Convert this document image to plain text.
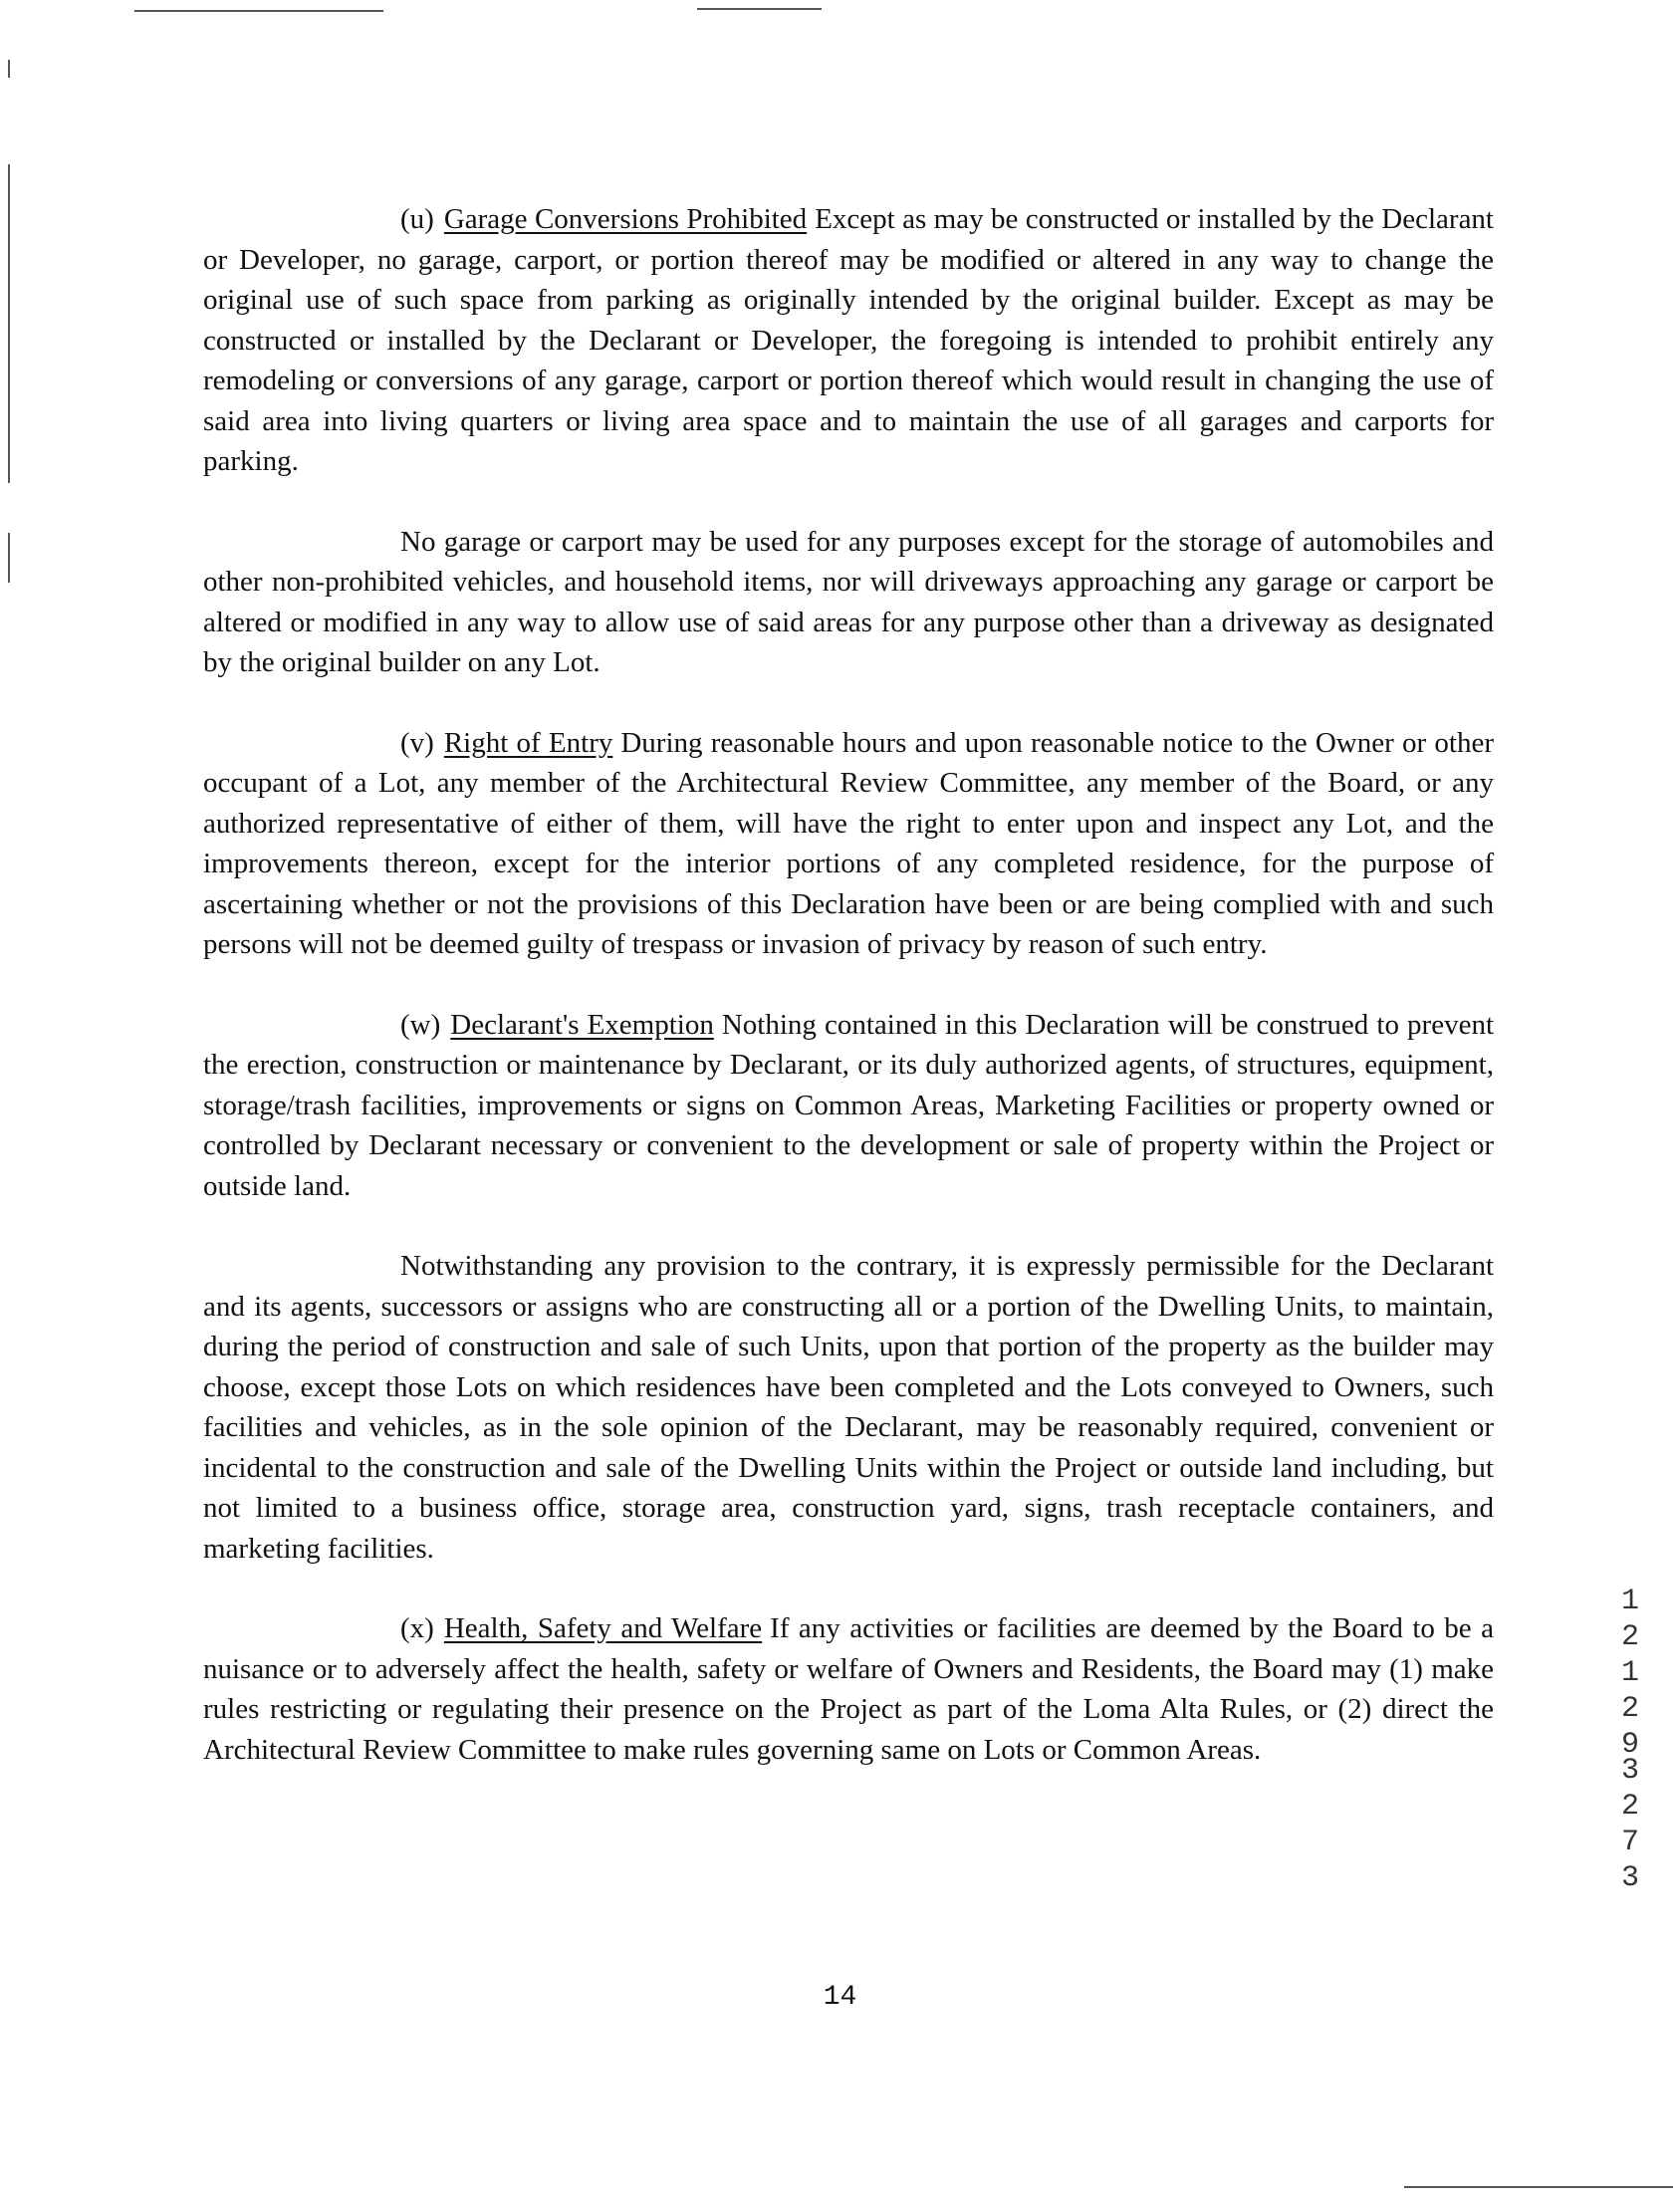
(u) Garage Conversions Prohibited Except as may be constructed or installed by the Declarant or Developer, no garage, carport, or portion thereof may be modified or altered in any way to change the original use of such space from parking as originally intended by the original builder. Except as may be constructed or installed by the Declarant or Developer, the foregoing is intended to prohibit entirely any remodeling or conversions of any garage, carport or portion thereof which would result in changing the use of said area into living quarters or living area space and to maintain the use of all garages and carports for parking.

No garage or carport may be used for any purposes except for the storage of automobiles and other non-prohibited vehicles, and household items, nor will driveways approaching any garage or carport be altered or modified in any way to allow use of said areas for any purpose other than a driveway as designated by the original builder on any Lot.

(v) Right of Entry During reasonable hours and upon reasonable notice to the Owner or other occupant of a Lot, any member of the Architectural Review Committee, any member of the Board, or any authorized representative of either of them, will have the right to enter upon and inspect any Lot, and the improvements thereon, except for the interior portions of any completed residence, for the purpose of ascertaining whether or not the provisions of this Declaration have been or are being complied with and such persons will not be deemed guilty of trespass or invasion of privacy by reason of such entry.

(w) Declarant's Exemption Nothing contained in this Declaration will be construed to prevent the erection, construction or maintenance by Declarant, or its duly authorized agents, of structures, equipment, storage/trash facilities, improvements or signs on Common Areas, Marketing Facilities or property owned or controlled by Declarant necessary or convenient to the development or sale of property within the Project or outside land.

Notwithstanding any provision to the contrary, it is expressly permissible for the Declarant and its agents, successors or assigns who are constructing all or a portion of the Dwelling Units, to maintain, during the period of construction and sale of such Units, upon that portion of the property as the builder may choose, except those Lots on which residences have been completed and the Lots conveyed to Owners, such facilities and vehicles, as in the sole opinion of the Declarant, may be reasonably required, convenient or incidental to the construction and sale of the Dwelling Units within the Project or outside land including, but not limited to a business office, storage area, construction yard, signs, trash receptacle containers, and marketing facilities.

(x) Health, Safety and Welfare If any activities or facilities are deemed by the Board to be a nuisance or to adversely affect the health, safety or welfare of Owners and Residents, the Board may (1) make rules restricting or regulating their presence on the Project as part of the Loma Alta Rules, or (2) direct the Architectural Review Committee to make rules governing same on Lots or Common Areas.

12129
3273
14
